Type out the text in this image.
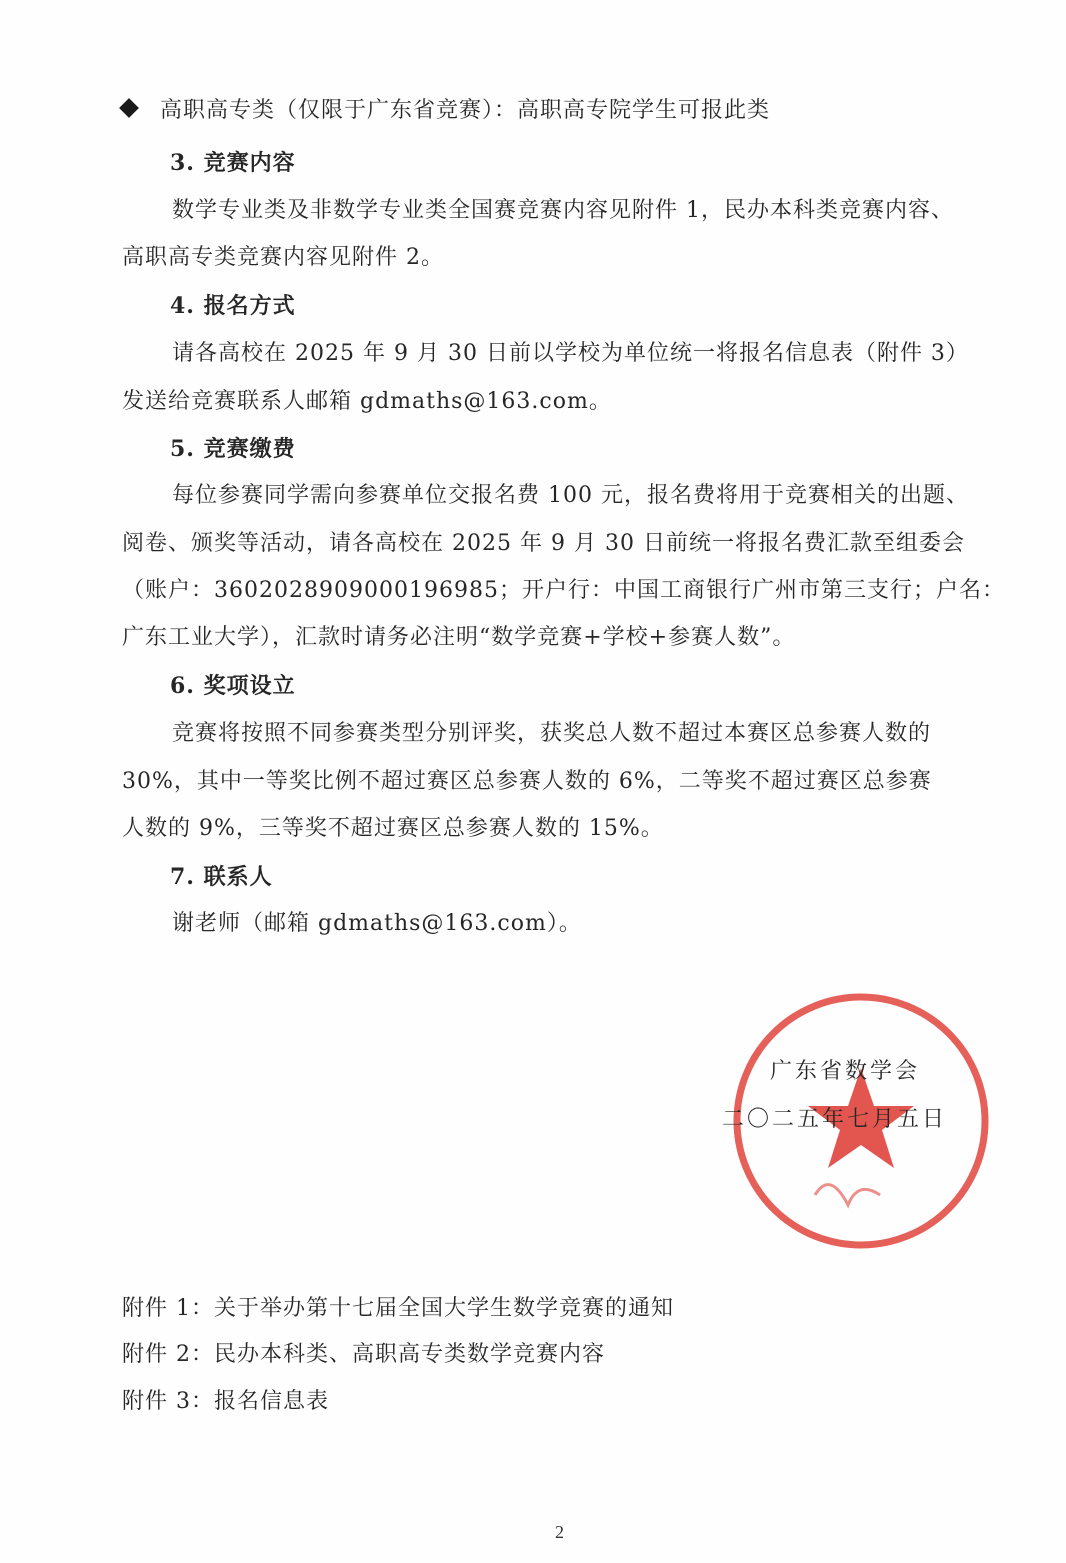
高职高专类（仅限于广东省竞赛）：高职高专院学生可报此类
3. 竞赛内容
数学专业类及非数学专业类全国赛竞赛内容见附件 1，民办本科类竞赛内容、
高职高专类竞赛内容见附件 2。
4. 报名方式
请各高校在 2025 年 9 月 30 日前以学校为单位统一将报名信息表（附件 3）
发送给竞赛联系人邮箱 gdmaths@163.com。
5. 竞赛缴费
每位参赛同学需向参赛单位交报名费 100 元，报名费将用于竞赛相关的出题、
阅卷、颁奖等活动，请各高校在 2025 年 9 月 30 日前统一将报名费汇款至组委会
（账户：3602028909000196985；开户行：中国工商银行广州市第三支行；户名：
广东工业大学），汇款时请务必注明“数学竞赛+学校+参赛人数”。
6. 奖项设立
竞赛将按照不同参赛类型分别评奖，获奖总人数不超过本赛区总参赛人数的
30%，其中一等奖比例不超过赛区总参赛人数的 6%，二等奖不超过赛区总参赛
人数的 9%，三等奖不超过赛区总参赛人数的 15%。
7. 联系人
谢老师（邮箱 gdmaths@163.com）。
广东省数学会
二〇二五年七月五日
附件 1：关于举办第十七届全国大学生数学竞赛的通知
附件 2：民办本科类、高职高专类数学竞赛内容
附件 3：报名信息表
2
